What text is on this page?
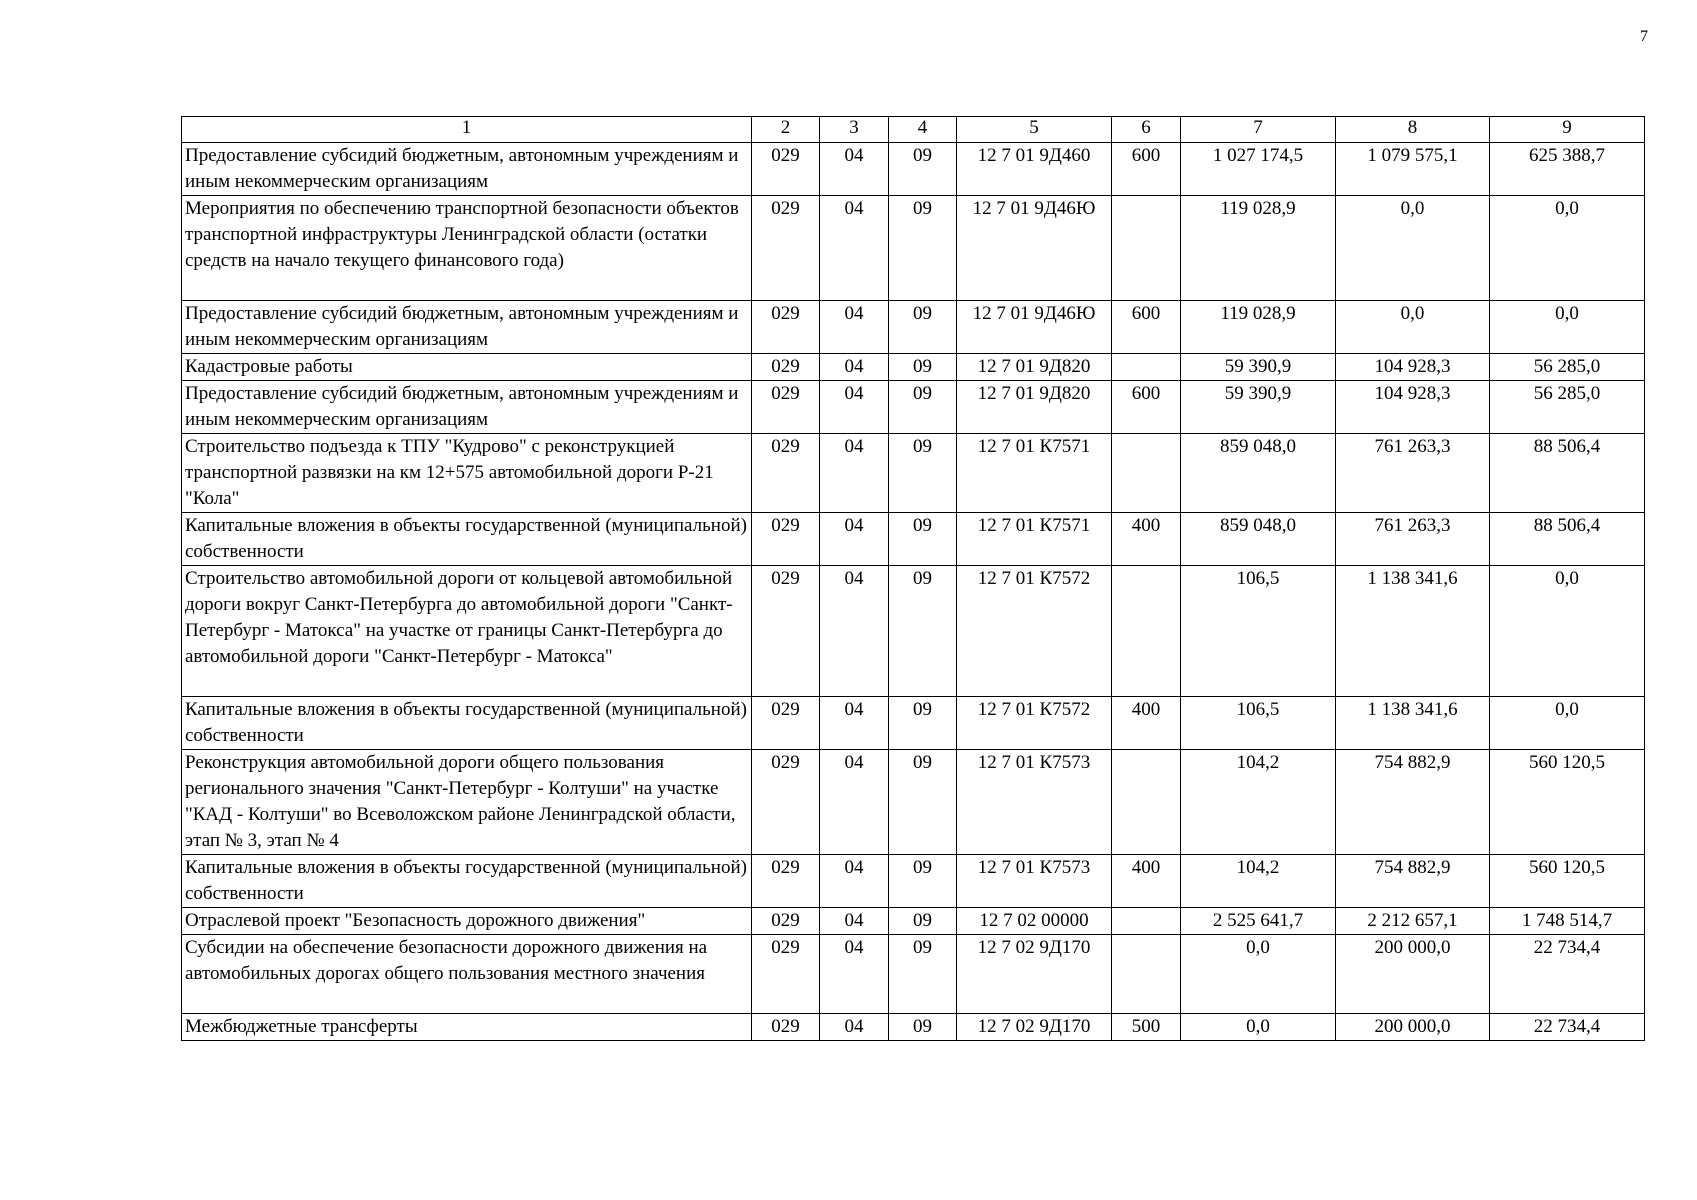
7
1	2	3	4	5	6	7	8	9
Предоставление субсидий бюджетным, автономным учреждениям и иным некоммерческим организациям	029	04	09	12 7 01 9Д460	600	1 027 174,5	1 079 575,1	625 388,7
Мероприятия по обеспечению транспортной безопасности объектов транспортной инфраструктуры Ленинградской области (остатки средств на начало текущего финансового года)	029	04	09	12 7 01 9Д46Ю		119 028,9	0,0	0,0
Предоставление субсидий бюджетным, автономным учреждениям и иным некоммерческим организациям	029	04	09	12 7 01 9Д46Ю	600	119 028,9	0,0	0,0
Кадастровые работы	029	04	09	12 7 01 9Д820		59 390,9	104 928,3	56 285,0
Предоставление субсидий бюджетным, автономным учреждениям и иным некоммерческим организациям	029	04	09	12 7 01 9Д820	600	59 390,9	104 928,3	56 285,0
Строительство подъезда к ТПУ "Кудрово" с реконструкцией транспортной развязки на км 12+575 автомобильной дороги Р-21 "Кола"	029	04	09	12 7 01 К7571		859 048,0	761 263,3	88 506,4
Капитальные вложения в объекты государственной (муниципальной) собственности	029	04	09	12 7 01 К7571	400	859 048,0	761 263,3	88 506,4
Строительство автомобильной дороги от кольцевой автомобильной дороги вокруг Санкт-Петербурга до автомобильной дороги "Санкт-Петербург - Матокса" на участке от границы Санкт-Петербурга до автомобильной дороги "Санкт-Петербург - Матокса"	029	04	09	12 7 01 К7572		106,5	1 138 341,6	0,0
Капитальные вложения в объекты государственной (муниципальной) собственности	029	04	09	12 7 01 К7572	400	106,5	1 138 341,6	0,0
Реконструкция автомобильной дороги общего пользования регионального значения "Санкт-Петербург - Колтуши" на участке "КАД - Колтуши" во Всеволожском районе Ленинградской области, этап № 3, этап № 4	029	04	09	12 7 01 К7573		104,2	754 882,9	560 120,5
Капитальные вложения в объекты государственной (муниципальной) собственности	029	04	09	12 7 01 К7573	400	104,2	754 882,9	560 120,5
Отраслевой проект "Безопасность дорожного движения"	029	04	09	12 7 02 00000		2 525 641,7	2 212 657,1	1 748 514,7
Субсидии на обеспечение безопасности дорожного движения на автомобильных дорогах общего пользования местного значения	029	04	09	12 7 02 9Д170		0,0	200 000,0	22 734,4
Межбюджетные трансферты	029	04	09	12 7 02 9Д170	500	0,0	200 000,0	22 734,4
